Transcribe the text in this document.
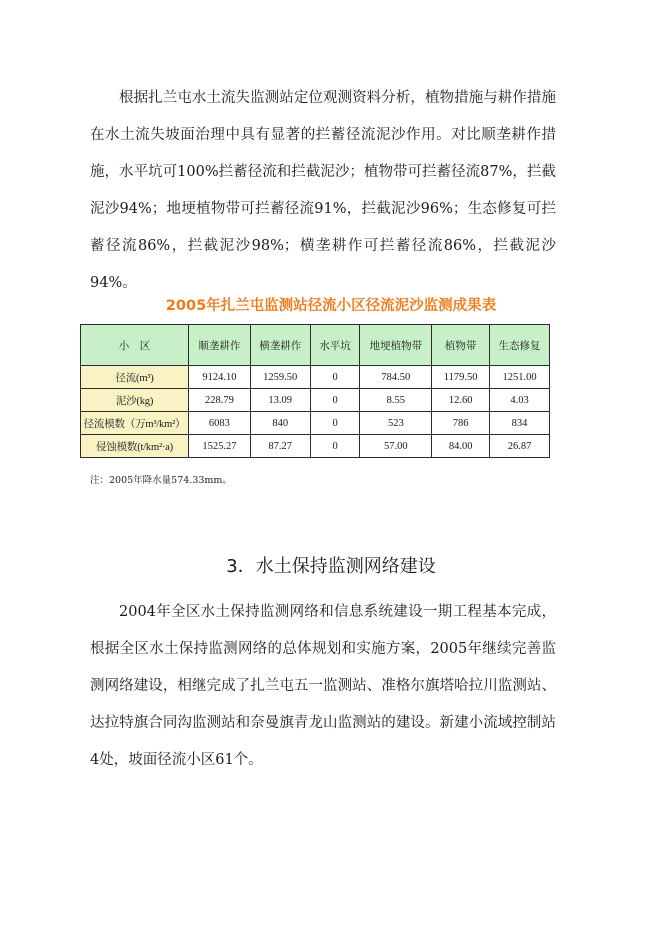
根据扎兰屯水土流失监测站定位观测资料分析，植物措施与耕作措施在水土流失坡面治理中具有显著的拦蓄径流泥沙作用。对比顺垄耕作措施，水平坑可100%拦蓄径流和拦截泥沙；植物带可拦蓄径流87%，拦截泥沙94%；地埂植物带可拦蓄径流91%，拦截泥沙96%；生态修复可拦蓄径流86%，拦截泥沙98%；横垄耕作可拦蓄径流86%，拦截泥沙94%。

2005年扎兰屯监测站径流小区径流泥沙监测成果表

小　区	顺垄耕作	横垄耕作	水平坑	地埂植物带	植物带	生态修复
径流(m³)	9124.10	1259.50	0	784.50	1179.50	1251.00
泥沙(kg)	228.79	13.09	0	8.55	12.60	4.03
径流模数（万m³/km²）	6083	840	0	523	786	834
侵蚀模数(t/km²·a)	1525.27	87.27	0	57.00	84.00	26.87

注：2005年降水量574.33mm。

3．水土保持监测网络建设

2004年全区水土保持监测网络和信息系统建设一期工程基本完成，根据全区水土保持监测网络的总体规划和实施方案，2005年继续完善监测网络建设，相继完成了扎兰屯五一监测站、准格尔旗塔哈拉川监测站、达拉特旗合同沟监测站和奈曼旗青龙山监测站的建设。新建小流域控制站4处，坡面径流小区61个。
